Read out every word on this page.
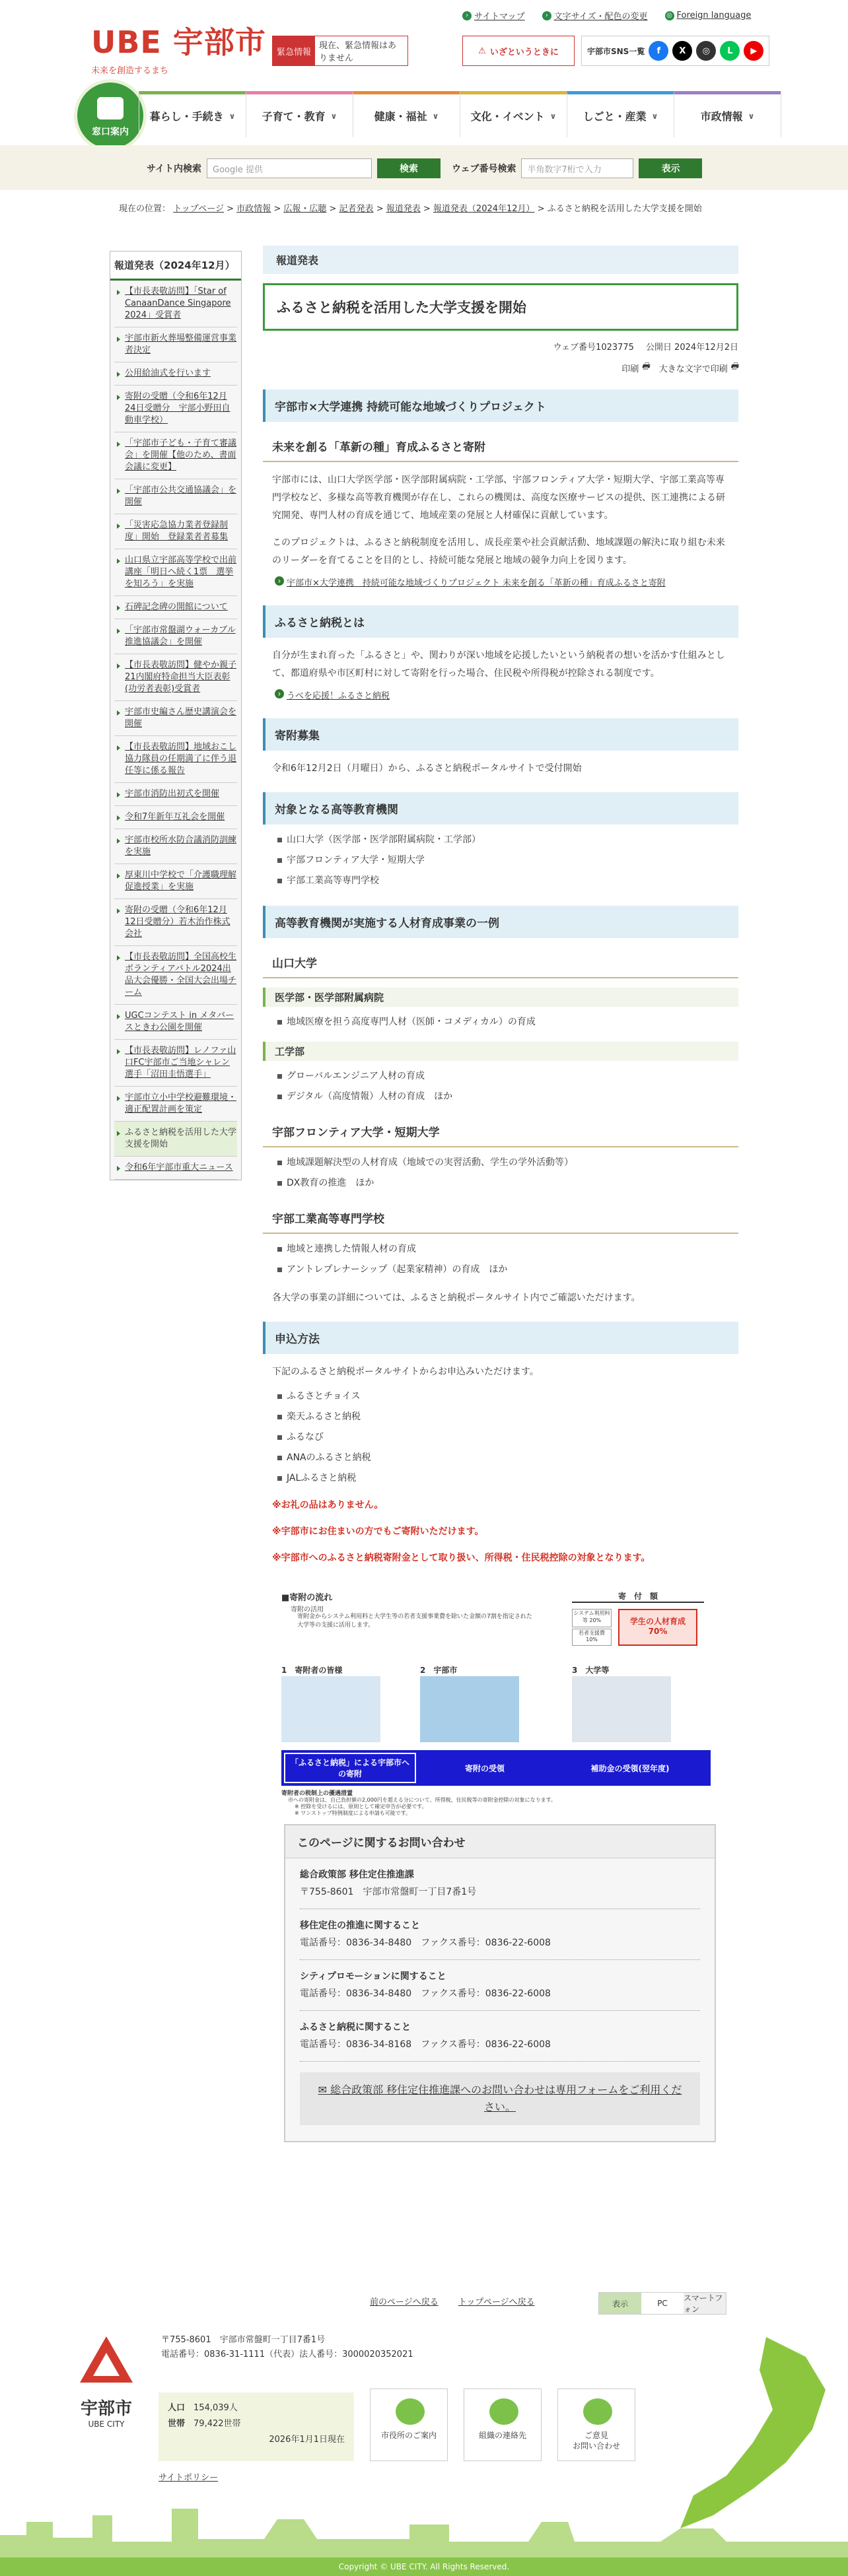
UBE 宇部市
未来を創造するまち
› サイトマップ	› 文字サイズ・配色の変更	◎ Foreign language
緊急情報
現在、緊急情報はありません
⚠ いざというときに	宇部市SNS一覧	f	X	◎	L	▶
窓口案内
暮らし・手続き ∨	子育て・教育 ∨	健康・福祉 ∨	文化・イベント ∨	しごと・産業 ∨	市政情報 ∨
サイト内検索	Google 提供	検索	ウェブ番号検索	半角数字7桁で入力	表示
現在の位置： トップページ > 市政情報 > 広報・広聴 > 記者発表 > 報道発表 > 報道発表（2024年12月） > ふるさと納税を活用した大学支援を開始
報道発表（2024年12月）
【市長表敬訪問】「Star of CanaanDance Singapore 2024」受賞者
宇部市新火葬場整備運営事業者決定
公用給油式を行います
寄附の受贈（令和6年12月24日受贈分　宇部小野田自動車学校）
「宇部市子ども・子育て審議会」を開催【他のため、書面会議に変更】
「宇部市公共交通協議会」を開催
「災害応急協力業者登録制度」開始　登録業者者募集
山口県立宇部高等学校で出前講座「明日へ続く1票　選挙を知ろう」を実施
石碑記念碑の開館について
「宇部市常盤湖ウォーカブル推進協議会」を開催
【市長表敬訪問】健やか親子21内閣府特命担当大臣表彰(功労者表彰)受賞者
宇部市史編さん歴史講演会を開催
【市長表敬訪問】地域おこし協力隊員の任期満了に伴う退任等に係る報告
宇部市消防出初式を開催
令和7年新年互礼会を開催
宇部市校所水防合議消防訓練を実施
厚東川中学校で「介護職理解促進授業」を実施
寄附の受贈（令和6年12月12日受贈分）若木治作株式会社
【市長表敬訪問】全国高校生ボランティアバトル2024出品大会優勝・全国大会出場チーム
UGCコンテスト in メタバースときわ公園を開催
【市長表敬訪問】レノファ山口FC宇部市ご当地シャレン選手「沼田圭悟選手」
宇部市立小中学校避難環境・適正配置計画を策定
ふるさと納税を活用した大学支援を開始
令和6年宇部市重大ニュース
報道発表
ふるさと納税を活用した大学支援を開始
ウェブ番号1023775 公開日 2024年12月2日
印刷 🖶 大きな文字で印刷 🖶
宇部市×大学連携 持続可能な地域づくりプロジェクト
未来を創る「革新の種」育成ふるさと寄附
宇部市には、山口大学医学部・医学部附属病院・工学部、宇部フロンティア大学・短期大学、宇部工業高等専門学校など、多様な高等教育機関が存在し、これらの機関は、高度な医療サービスの提供、医工連携による研究開発、専門人材の育成を通じて、地域産業の発展と人材確保に貢献しています。
このプロジェクトは、ふるさと納税制度を活用し、成長産業や社会貢献活動、地域課題の解決に取り組む未来のリーダーを育てることを目的とし、持続可能な発展と地域の競争力向上を図ります。
› 宇部市×大学連携　持続可能な地域づくりプロジェクト 未来を創る「革新の種」育成ふるさと寄附
ふるさと納税とは
自分が生まれ育った「ふるさと」や、関わりが深い地域を応援したいという納税者の想いを活かす仕組みとして、都道府県や市区町村に対して寄附を行った場合、住民税や所得税が控除される制度です。
› うべを応援！ふるさと納税
寄附募集
令和6年12月2日（月曜日）から、ふるさと納税ポータルサイトで受付開始
対象となる高等教育機関
山口大学（医学部・医学部附属病院・工学部）
宇部フロンティア大学・短期大学
宇部工業高等専門学校
高等教育機関が実施する人材育成事業の一例
山口大学
医学部・医学部附属病院
地域医療を担う高度専門人材（医師・コメディカル）の育成
工学部
グローバルエンジニア人材の育成
デジタル（高度情報）人材の育成　ほか
宇部フロンティア大学・短期大学
地域課題解決型の人材育成（地域での実習活動、学生の学外活動等）
DX教育の推進　ほか
宇部工業高等専門学校
地域と連携した情報人材の育成
アントレプレナーシップ（起業家精神）の育成　ほか
各大学の事業の詳細については、ふるさと納税ポータルサイト内でご確認いただけます。
申込方法
下記のふるさと納税ポータルサイトからお申込みいただけます。
ふるさとチョイス
楽天ふるさと納税
ふるなび
ANAのふるさと納税
JALふるさと納税
※お礼の品はありません。
※宇部市にお住まいの方でもご寄附いただけます。
※宇部市へのふるさと納税寄附金として取り扱い、所得税・住民税控除の対象となります。
■寄附の流れ
寄附の活用
寄附金からシステム利用料と大学生等の若者支援事業費を除いた金額の7割を指定された大学等の支援に活用します。
寄　付　額
システム利用料等 20%
若者支援費 10%
学生の人材育成 70%
1　寄附者の皆様	2　宇部市	3　大学等
「ふるさと納税」による宇部市への寄附
寄附の受領	補助金の受領(翌年度)
寄附者の税制上の優遇措置
市への寄附金は、自己負担額の2,000円を超える分について、所得税、住民税等の寄附金控除の対象になります。
※ 控除を受けるには、原則として確定申告が必要です。
※ ワンストップ特例制度による申請も可能です。
このページに関するお問い合わせ
総合政策部 移住定住推進課
〒755-8601　宇部市常盤町一丁目7番1号
移住定住の推進に関すること
電話番号：0836-34-8480　ファクス番号：0836-22-6008
シティプロモーションに関すること
電話番号：0836-34-8480　ファクス番号：0836-22-6008
ふるさと納税に関すること
電話番号：0836-34-8168　ファクス番号：0836-22-6008
✉ 総合政策部 移住定住推進課へのお問い合わせは専用フォームをご利用ください。
前のページへ戻る トップページへ戻る	表示	PC
スマートフォン
宇部市
UBE CITY
〒755-8601　宇部市常盤町一丁目7番1号
電話番号：0836-31-1111（代表）法人番号：3000020352021
人口　 154,039人
世帯　 79,422世帯
2026年1月1日現在	市役所のご案内	組織の連絡先	ご意見
お問い合わせ
サイトポリシー
Copyright © UBE CITY. All Rights Reserved.
